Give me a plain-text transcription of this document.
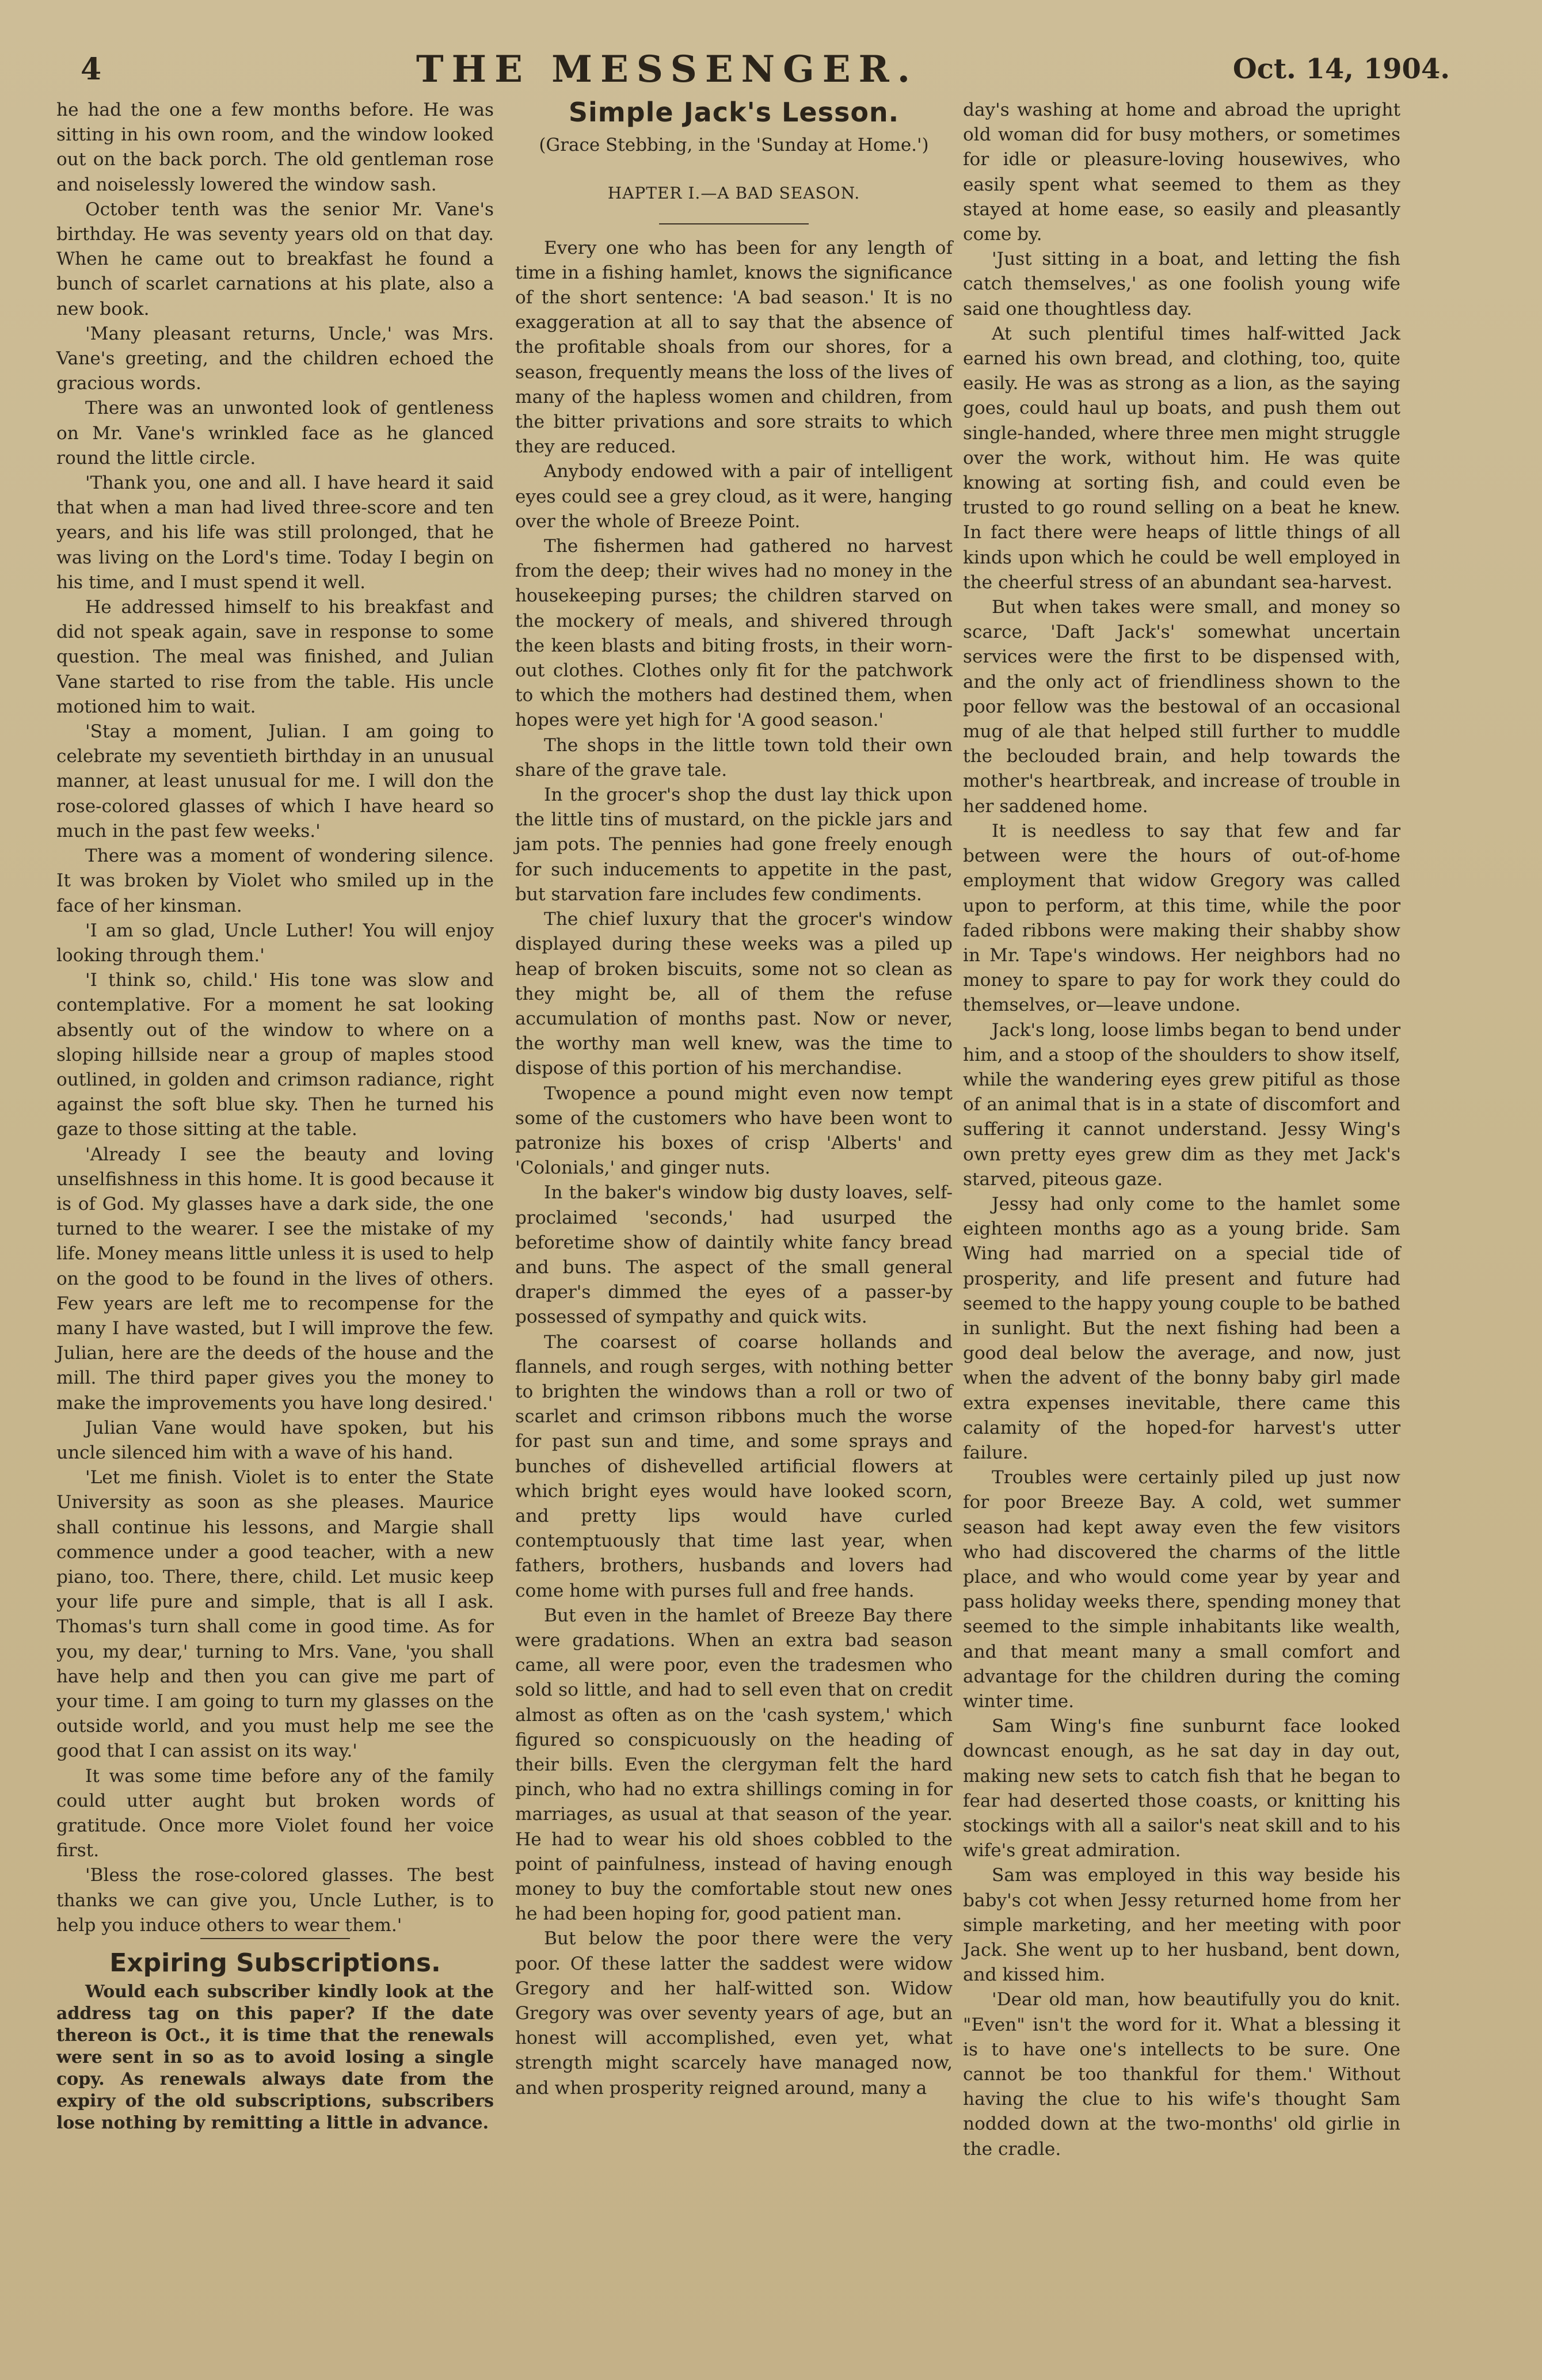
4	THE MESSENGER.	Oct. 14, 1904.

he had the one a few months before. He was sitting in his own room, and the window looked out on the back porch. The old gentleman rose and noiselessly lowered the window sash.

October tenth was the senior Mr. Vane's birthday. He was seventy years old on that day. When he came out to breakfast he found a bunch of scarlet carnations at his plate, also a new book.

'Many pleasant returns, Uncle,' was Mrs. Vane's greeting, and the children echoed the gracious words.

There was an unwonted look of gentleness on Mr. Vane's wrinkled face as he glanced round the little circle.

'Thank you, one and all. I have heard it said that when a man had lived three-score and ten years, and his life was still prolonged, that he was living on the Lord's time. Today I begin on his time, and I must spend it well.

He addressed himself to his breakfast and did not speak again, save in response to some question. The meal was finished, and Julian Vane started to rise from the table. His uncle motioned him to wait.

'Stay a moment, Julian. I am going to celebrate my seventieth birthday in an unusual manner, at least unusual for me. I will don the rose-colored glasses of which I have heard so much in the past few weeks.'

There was a moment of wondering silence. It was broken by Violet who smiled up in the face of her kinsman.

'I am so glad, Uncle Luther! You will enjoy looking through them.'

'I think so, child.' His tone was slow and contemplative. For a moment he sat looking absently out of the window to where on a sloping hillside near a group of maples stood outlined, in golden and crimson radiance, right against the soft blue sky. Then he turned his gaze to those sitting at the table.

'Already I see the beauty and loving unselfishness in this home. It is good because it is of God. My glasses have a dark side, the one turned to the wearer. I see the mistake of my life. Money means little unless it is used to help on the good to be found in the lives of others. Few years are left me to recompense for the many I have wasted, but I will improve the few. Julian, here are the deeds of the house and the mill. The third paper gives you the money to make the improvements you have long desired.'

Julian Vane would have spoken, but his uncle silenced him with a wave of his hand.

'Let me finish. Violet is to enter the State University as soon as she pleases. Maurice shall continue his lessons, and Margie shall commence under a good teacher, with a new piano, too. There, there, child. Let music keep your life pure and simple, that is all I ask. Thomas's turn shall come in good time. As for you, my dear,' turning to Mrs. Vane, 'you shall have help and then you can give me part of your time. I am going to turn my glasses on the outside world, and you must help me see the good that I can assist on its way.'

It was some time before any of the family could utter aught but broken words of gratitude. Once more Violet found her voice first.

'Bless the rose-colored glasses. The best thanks we can give you, Uncle Luther, is to help you induce others to wear them.'

Expiring Subscriptions.

Would each subscriber kindly look at the address tag on this paper? If the date thereon is Oct., it is time that the renewals were sent in so as to avoid losing a single copy. As renewals always date from the expiry of the old subscriptions, subscribers lose nothing by remitting a little in advance.

Simple Jack's Lesson.
(Grace Stebbing, in the 'Sunday at Home.')
HAPTER I.—A BAD SEASON.

Every one who has been for any length of time in a fishing hamlet, knows the significance of the short sentence: 'A bad season.' It is no exaggeration at all to say that the absence of the profitable shoals from our shores, for a season, frequently means the loss of the lives of many of the hapless women and children, from the bitter privations and sore straits to which they are reduced.

Anybody endowed with a pair of intelligent eyes could see a grey cloud, as it were, hanging over the whole of Breeze Point.

The fishermen had gathered no harvest from the deep; their wives had no money in the housekeeping purses; the children starved on the mockery of meals, and shivered through the keen blasts and biting frosts, in their worn-out clothes. Clothes only fit for the patchwork to which the mothers had destined them, when hopes were yet high for 'A good season.'

The shops in the little town told their own share of the grave tale.

In the grocer's shop the dust lay thick upon the little tins of mustard, on the pickle jars and jam pots. The pennies had gone freely enough for such inducements to appetite in the past, but starvation fare includes few condiments.

The chief luxury that the grocer's window displayed during these weeks was a piled up heap of broken biscuits, some not so clean as they might be, all of them the refuse accumulation of months past. Now or never, the worthy man well knew, was the time to dispose of this portion of his merchandise.

Twopence a pound might even now tempt some of the customers who have been wont to patronize his boxes of crisp 'Alberts' and 'Colonials,' and ginger nuts.

In the baker's window big dusty loaves, self-proclaimed 'seconds,' had usurped the beforetime show of daintily white fancy bread and buns. The aspect of the small general draper's dimmed the eyes of a passer-by possessed of sympathy and quick wits.

The coarsest of coarse hollands and flannels, and rough serges, with nothing better to brighten the windows than a roll or two of scarlet and crimson ribbons much the worse for past sun and time, and some sprays and bunches of dishevelled artificial flowers at which bright eyes would have looked scorn, and pretty lips would have curled contemptuously that time last year, when fathers, brothers, husbands and lovers had come home with purses full and free hands.

But even in the hamlet of Breeze Bay there were gradations. When an extra bad season came, all were poor, even the tradesmen who sold so little, and had to sell even that on credit almost as often as on the 'cash system,' which figured so conspicuously on the heading of their bills. Even the clergyman felt the hard pinch, who had no extra shillings coming in for marriages, as usual at that season of the year. He had to wear his old shoes cobbled to the point of painfulness, instead of having enough money to buy the comfortable stout new ones he had been hoping for, good patient man.

But below the poor there were the very poor. Of these latter the saddest were widow Gregory and her half-witted son. Widow Gregory was over seventy years of age, but an honest will accomplished, even yet, what strength might scarcely have managed now, and when prosperity reigned around, many a

day's washing at home and abroad the upright old woman did for busy mothers, or sometimes for idle or pleasure-loving housewives, who easily spent what seemed to them as they stayed at home ease, so easily and pleasantly come by.

'Just sitting in a boat, and letting the fish catch themselves,' as one foolish young wife said one thoughtless day.

At such plentiful times half-witted Jack earned his own bread, and clothing, too, quite easily. He was as strong as a lion, as the saying goes, could haul up boats, and push them out single-handed, where three men might struggle over the work, without him. He was quite knowing at sorting fish, and could even be trusted to go round selling on a beat he knew. In fact there were heaps of little things of all kinds upon which he could be well employed in the cheerful stress of an abundant sea-harvest.

But when takes were small, and money so scarce, 'Daft Jack's' somewhat uncertain services were the first to be dispensed with, and the only act of friendliness shown to the poor fellow was the bestowal of an occasional mug of ale that helped still further to muddle the beclouded brain, and help towards the mother's heartbreak, and increase of trouble in her saddened home.

It is needless to say that few and far between were the hours of out-of-home employment that widow Gregory was called upon to perform, at this time, while the poor faded ribbons were making their shabby show in Mr. Tape's windows. Her neighbors had no money to spare to pay for work they could do themselves, or—leave undone.

Jack's long, loose limbs began to bend under him, and a stoop of the shoulders to show itself, while the wandering eyes grew pitiful as those of an animal that is in a state of discomfort and suffering it cannot understand. Jessy Wing's own pretty eyes grew dim as they met Jack's starved, piteous gaze.

Jessy had only come to the hamlet some eighteen months ago as a young bride. Sam Wing had married on a special tide of prosperity, and life present and future had seemed to the happy young couple to be bathed in sunlight. But the next fishing had been a good deal below the average, and now, just when the advent of the bonny baby girl made extra expenses inevitable, there came this calamity of the hoped-for harvest's utter failure.

Troubles were certainly piled up just now for poor Breeze Bay. A cold, wet summer season had kept away even the few visitors who had discovered the charms of the little place, and who would come year by year and pass holiday weeks there, spending money that seemed to the simple inhabitants like wealth, and that meant many a small comfort and advantage for the children during the coming winter time.

Sam Wing's fine sunburnt face looked downcast enough, as he sat day in day out, making new sets to catch fish that he began to fear had deserted those coasts, or knitting his stockings with all a sailor's neat skill and to his wife's great admiration.

Sam was employed in this way beside his baby's cot when Jessy returned home from her simple marketing, and her meeting with poor Jack. She went up to her husband, bent down, and kissed him.

'Dear old man, how beautifully you do knit. "Even" isn't the word for it. What a blessing it is to have one's intellects to be sure. One cannot be too thankful for them.' Without having the clue to his wife's thought Sam nodded down at the two-months' old girlie in the cradle.
